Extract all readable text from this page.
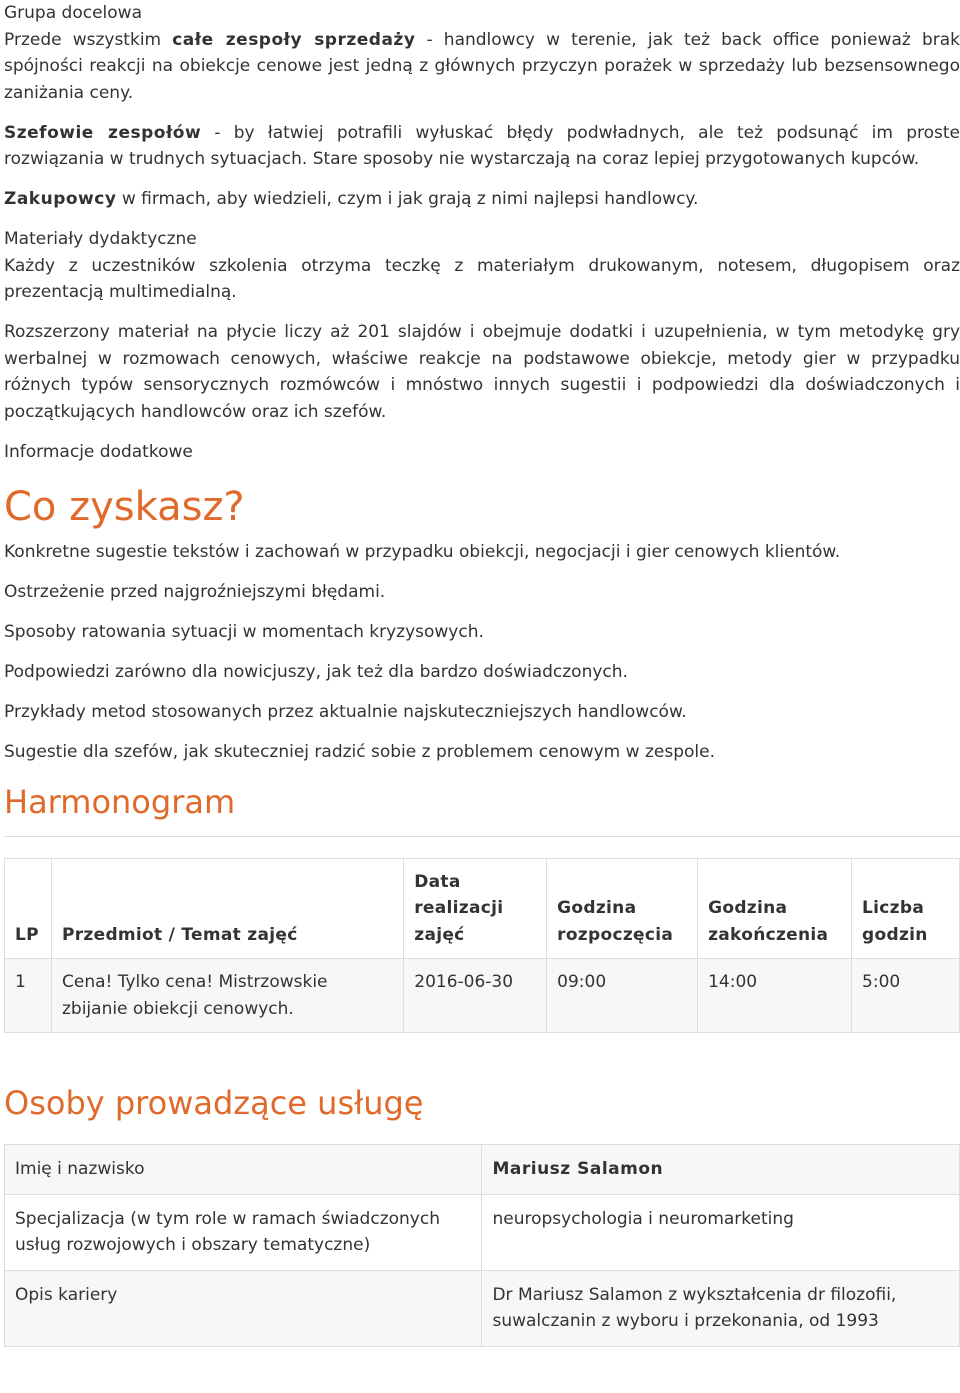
Grupa docelowa

Przede wszystkim całe zespoły sprzedaży - handlowcy w terenie, jak też back office ponieważ brak spójności reakcji na obiekcje cenowe jest jedną z głównych przyczyn porażek w sprzedaży lub bezsensownego zaniżania ceny.

Szefowie zespołów - by łatwiej potrafili wyłuskać błędy podwładnych, ale też podsunąć im proste rozwiązania w trudnych sytuacjach. Stare sposoby nie wystarczają na coraz lepiej przygotowanych kupców.

Zakupowcy w firmach, aby wiedzieli, czym i jak grają z nimi najlepsi handlowcy.

Materiały dydaktyczne

Każdy z uczestników szkolenia otrzyma teczkę z materiałym drukowanym, notesem, długopisem oraz prezentacją multimedialną.

Rozszerzony materiał na płycie liczy aż 201 slajdów i obejmuje dodatki i uzupełnienia, w tym metodykę gry werbalnej w rozmowach cenowych, właściwe reakcje na podstawowe obiekcje, metody gier w przypadku różnych typów sensorycznych rozmówców i mnóstwo innych sugestii i podpowiedzi dla doświadczonych i początkujących handlowców oraz ich szefów.

Informacje dodatkowe

Co zyskasz?

Konkretne sugestie tekstów i zachowań w przypadku obiekcji, negocjacji i gier cenowych klientów.

Ostrzeżenie przed najgroźniejszymi błędami.

Sposoby ratowania sytuacji w momentach kryzysowych.

Podpowiedzi zarówno dla nowicjuszy, jak też dla bardzo doświadczonych.

Przykłady metod stosowanych przez aktualnie najskuteczniejszych handlowców.

Sugestie dla szefów, jak skuteczniej radzić sobie z problemem cenowym w zespole.

Harmonogram
LP	Przedmiot / Temat zajęć	Data realizacji zajęć	Godzina rozpoczęcia	Godzina zakończenia	Liczba godzin
1	Cena! Tylko cena! Mistrzowskie zbijanie obiekcji cenowych.	2016-06-30	09:00	14:00	5:00
Osoby prowadzące usługę
Imię i nazwisko	Mariusz Salamon
Specjalizacja (w tym role w ramach świadczonych usług rozwojowych i obszary tematyczne)	neuropsychologia i neuromarketing
Opis kariery	Dr Mariusz Salamon z wykształcenia dr filozofii, suwalczanin z wyboru i przekonania, od 1993
